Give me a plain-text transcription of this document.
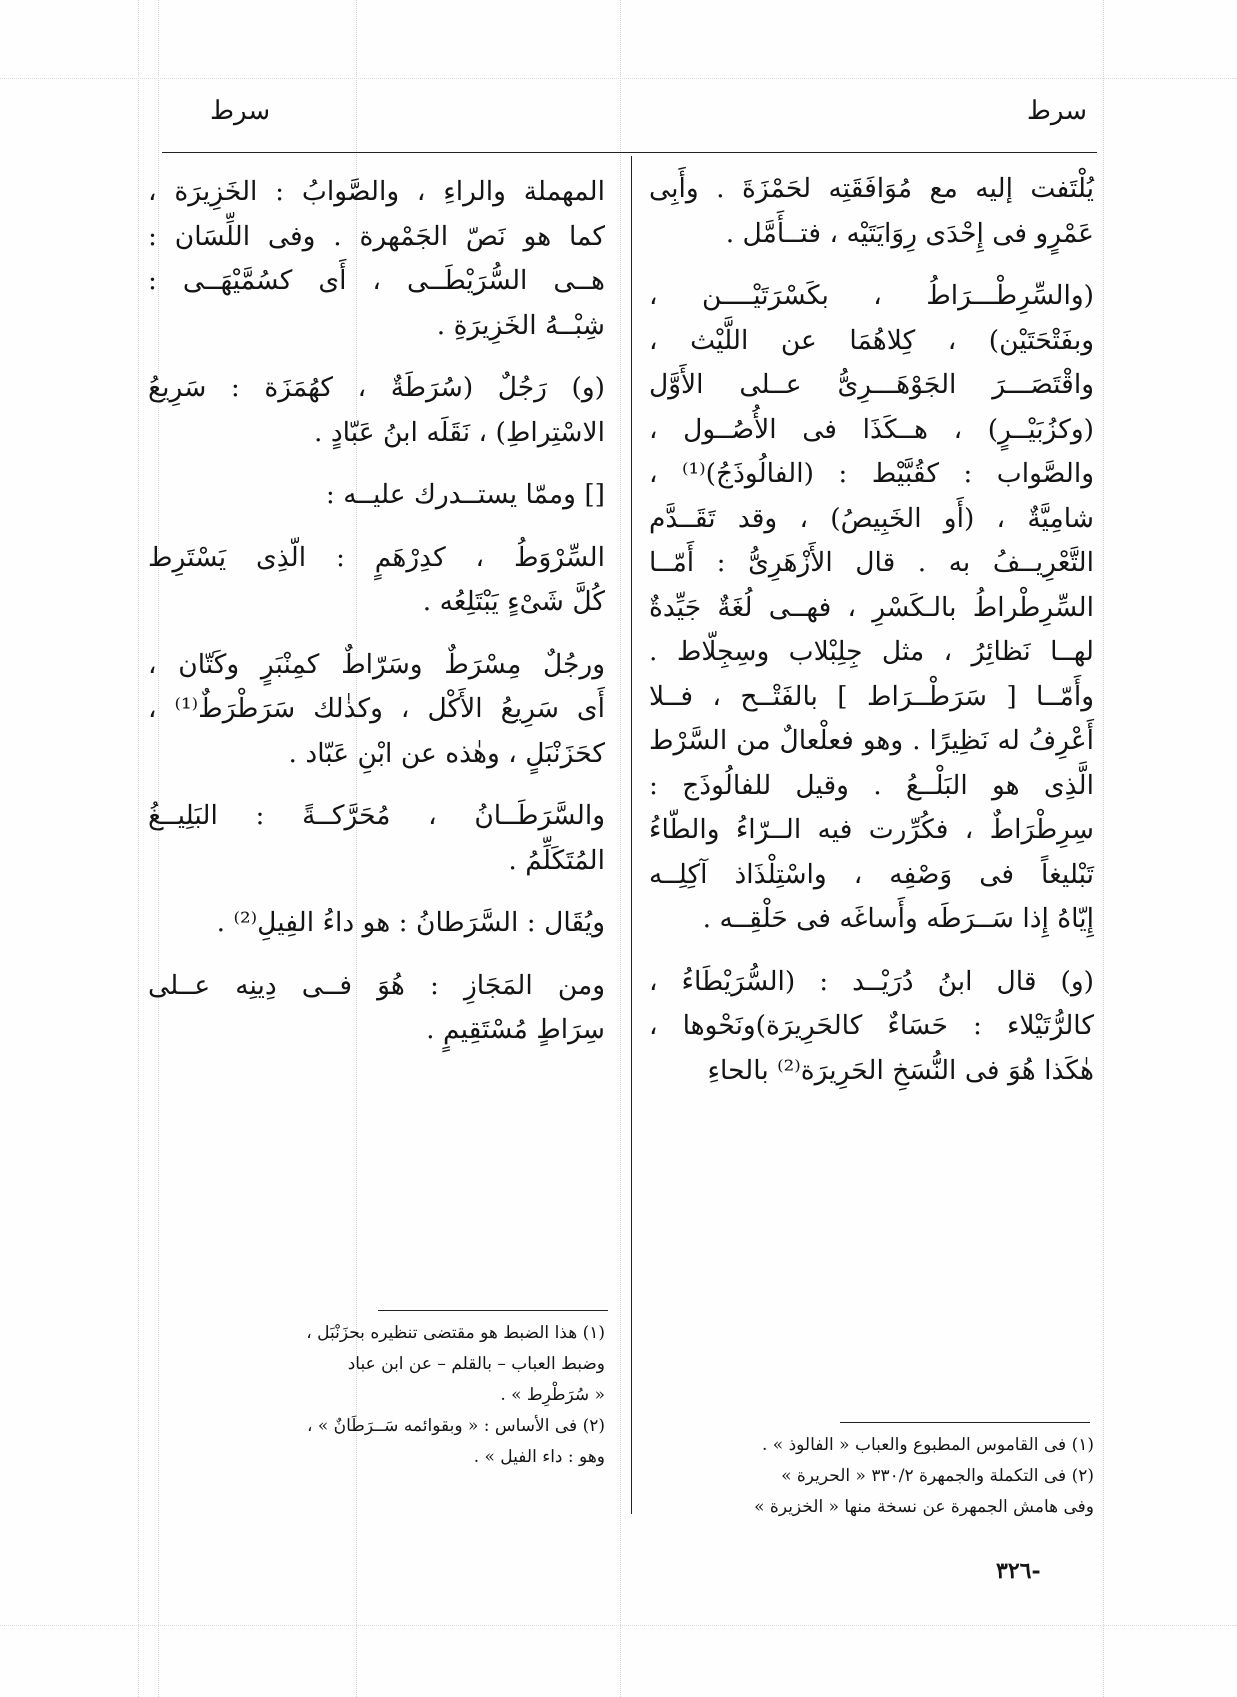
سرط
سرط
يُلْتَفت إليه مع مُوَافَقَتِه لحَمْزَةَ . وأَبِى
عَمْرٍو فى إِحْدَى رِوَايَتَيْه ، فتــأَمَّل .
(والسِّرِطْـــرَاطُ ، بكَسْرَتَيْــــن ،
وبفَتْحَتَيْن) ، كِلاهُمَا عن اللَّيْث ،
واقْتَصَـــرَ الجَوْهَـــرِىُّ عــلى الأَوَّل
(وكزُبَيْــرٍ) ، هــكَذَا فى الأُصُــول ،
والصَّواب : كقُبَّيْط : (الفالُوذَجُ)⁽¹⁾ ،
شامِيَّةٌ ، (أَو الخَبِيصُ) ، وقد تَقَــدَّم
التَّعْرِيــفُ به . قال الأَزْهَرِىُّ : أَمّــا
السِّرِطْراطُ بالـكَسْرِ ، فهــى لُغَةٌ جَيِّدةٌ
لهــا نَظائِرُ ، مثل جِلِبْلاب وسِجِلّاط .
وأَمّــا [ سَرَطْــرَاط ] بالفَتْــح ، فــلا
أَعْرِفُ له نَظِيرًا . وهو فعلْعالٌ من السَّرْط
الَّذِى هو البَلْــعُ . وقيل للفالُوذَج :
سِرِطْرَاطٌ ، فكُرِّرت فيه الــرّاءُ والطّاءُ
تَبْليغاً فى وَصْفِه ، واسْتِلْذَاذ آكِلِــه
إِيّاهُ إِذا سَــرَطَه وأَساغَه فى حَلْقِــه .
(و) قال ابنُ دُرَيْــد : (السُّرَيْطَاءُ ،
كالرُّتَيْلاء : حَسَاءٌ كالحَرِيرَة)ونَحْوها ،
هٰكَذا هُوَ فى النُّسَخِ الحَرِيرَة⁽²⁾ بالحاءِ
المهملة والراءِ ، والصَّوابُ : الخَزِيرَة ،
كما هو نَصّ الجَمْهرة . وفى اللِّسَان :
هــى السُّرَيْطَــى ، أَى كسُمَّيْهَــى :
شِبْــهُ الخَزِيرَةِ .
(و) رَجُلٌ (سُرَطَةٌ ، كهُمَزَة : سَرِيعُ
الاسْتِراطِ) ، نَقَلَه ابنُ عَبّادٍ .
[] وممّا يستــدرك عليــه :
السِّرْوَطُ ، كدِرْهَمٍ : الّذِى يَسْتَرِط
كُلَّ شَىْءٍ يَبْتَلِعُه .
ورجُلٌ مِسْرَطٌ وسَرّاطٌ كمِنْبَرٍ وكَتّان ،
أَى سَرِيعُ الأَكْل ، وكذٰلك سَرَطْرَطٌ⁽¹⁾ ،
كحَزَنْبَلٍ ، وهٰذه عن ابْنِ عَبّاد .
والسَّرَطَــانُ ، مُحَرَّكــةً : البَلِيــغُ
المُتَكَلِّمُ .
ويُقَال : السَّرَطانُ : هو داءُ الفِيلِ⁽²⁾ .
ومن المَجَازِ : هُوَ فــى دِينِه عــلى
سِرَاطٍ مُسْتَقِيمٍ .
(١) هذا الضبط هو مقتضى تنظيره بحزَنْبَل ،
وضبط العباب – بالقلم – عن ابن عباد
« سُرَطْرِط » .
(٢) فى الأساس : « وبقوائمه سَــرَطَانٌ » ،
وهو : داء الفيل » .
(١) فى القاموس المطبوع والعباب « الفالوذ » .
(٢) فى التكملة والجمهرة ٣٣٠/٢ « الحريرة »
وفى هامش الجمهرة عن نسخة منها « الخزيرة »
-٣٢٦
